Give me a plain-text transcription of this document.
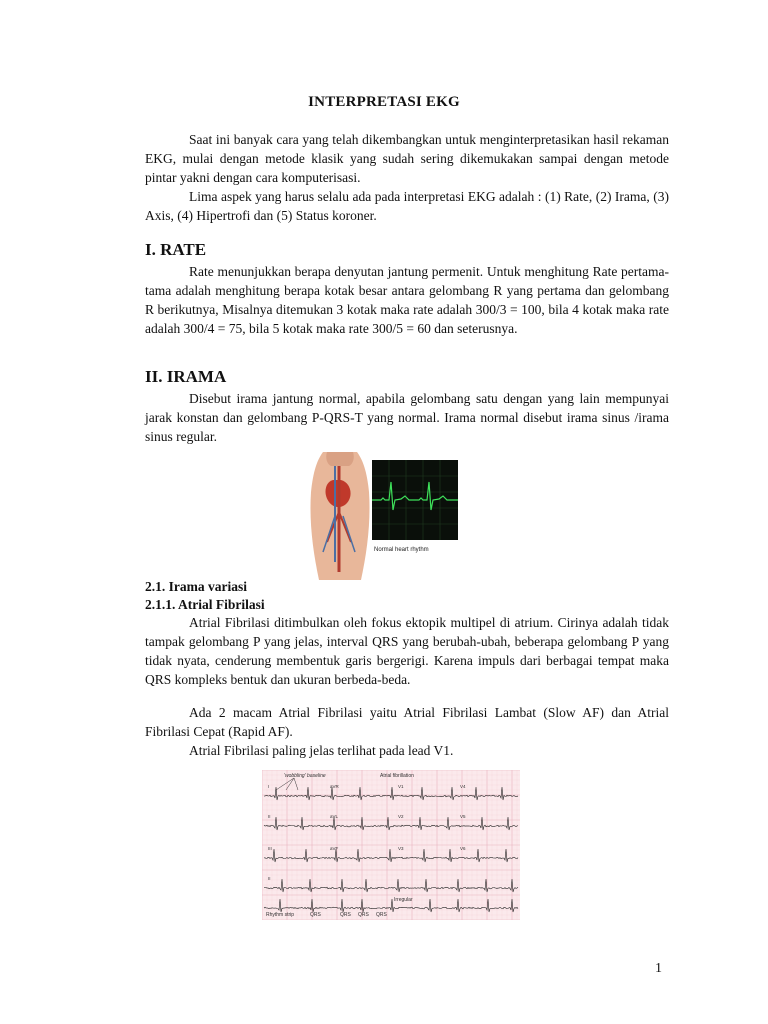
INTERPRETASI EKG

Saat ini banyak cara yang telah dikembangkan untuk menginterpretasikan hasil rekaman EKG, mulai dengan metode klasik yang sudah sering dikemukakan sampai dengan metode pintar yakni dengan cara komputerisasi.

Lima aspek yang harus selalu ada pada interpretasi EKG adalah : (1) Rate, (2) Irama, (3) Axis, (4) Hipertrofi dan (5) Status koroner.

I. RATE

Rate menunjukkan berapa denyutan jantung permenit. Untuk menghitung Rate pertama-tama adalah menghitung berapa kotak besar antara gelombang R yang pertama dan gelombang R berikutnya, Misalnya ditemukan 3 kotak maka rate adalah 300/3 = 100, bila 4 kotak maka rate adalah 300/4 = 75, bila 5 kotak maka rate 300/5 = 60 dan seterusnya.

II. IRAMA

Disebut irama jantung normal, apabila gelombang satu dengan yang lain mempunyai jarak konstan dan gelombang P-QRS-T yang normal. Irama normal disebut irama sinus /irama sinus regular.

Normal heart rhythm
2.1. Irama variasi
2.1.1. Atrial Fibrilasi

Atrial Fibrilasi ditimbulkan oleh fokus ektopik multipel di atrium. Cirinya adalah tidak tampak gelombang P yang jelas, interval QRS yang berubah-ubah, beberapa gelombang P yang tidak nyata, cenderung membentuk garis bergerigi. Karena impuls dari berbagai tempat maka QRS kompleks bentuk dan ukuran berbeda-beda.

Ada 2 macam Atrial Fibrilasi yaitu Atrial Fibrilasi Lambat (Slow AF) dan Atrial Fibrilasi Cepat (Rapid AF).

Atrial Fibrilasi paling jelas terlihat pada lead V1.

I	aVR	V1	V4
II	aVL	V2	V5
III	aVF	V3	V6
II
'wobbling' baseline	Atrial fibrillation
Irregular
Rhythm strip	QRS	QRS QRS QRS
1
